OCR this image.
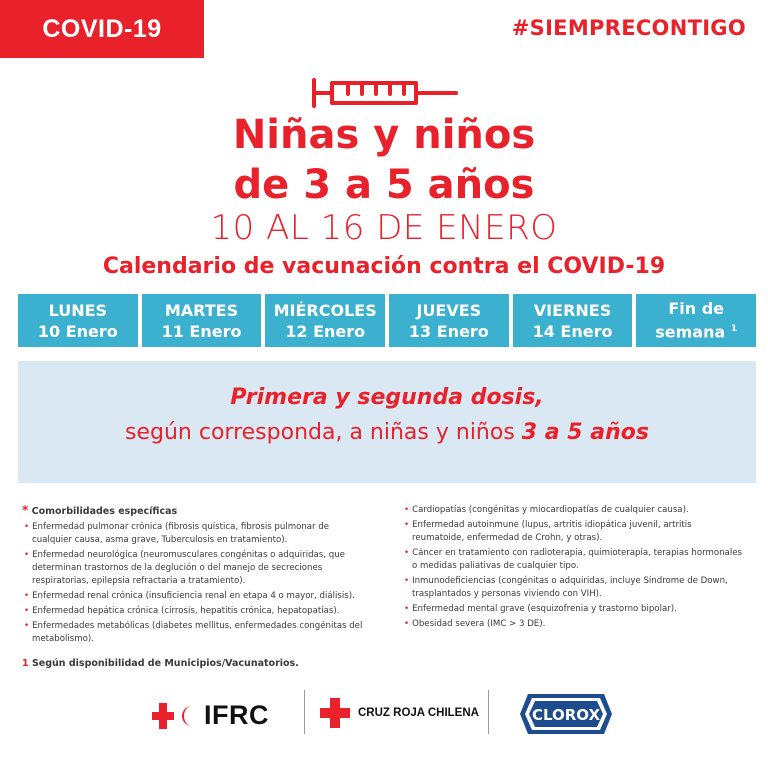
COVID-19	#SIEMPRECONTIGO
Niñas y niños
de 3 a 5 años
10 AL 16 DE ENERO
Calendario de vacunación contra el COVID-19
LUNES
10 Enero
MARTES
11 Enero
MIÉRCOLES
12 Enero
JUEVES
13 Enero
VIERNES
14 Enero
Fin de
semana $^1$
Primera y segunda dosis,
según corresponda, a niñas y niños 3 a 5 años
* Comorbilidades específicas
• Enfermedad pulmonar crónica (fibrosis quística, fibrosis pulmonar de cualquier causa, asma grave, Tuberculosis en tratamiento).
• Enfermedad neurológica (neuromusculares congénitas o adquiridas, que determinan trastornos de la deglución o del manejo de secreciones respiratorias, epilepsia refractaria a tratamiento).
• Enfermedad renal crónica (insuficiencia renal en etapa 4 o mayor, diálisis).
• Enfermedad hepática crónica (cirrosis, hepatitis crónica, hepatopatías).
• Enfermedades metabólicas (diabetes mellitus, enfermedades congénitas del metabolismo).
• Cardiopatías (congénitas y miocardiopatías de cualquier causa).
• Enfermedad autoinmune (lupus, artritis idiopática juvenil, artritis reumatoide, enfermedad de Crohn, y otras).
• Cáncer en tratamiento con radioterapia, quimioterapia, terapias hormonales o medidas paliativas de cualquier tipo.
• Inmunodeficiencias (congénitas o adquiridas, incluye Síndrome de Down, trasplantados y personas viviendo con VIH).
• Enfermedad mental grave (esquizofrenia y trastorno bipolar).
• Obesidad severa (IMC > 3 DE).
1 Según disponibilidad de Municipios/Vacunatorios.
IFRC	CRUZ ROJA CHILENA	CLOROX
